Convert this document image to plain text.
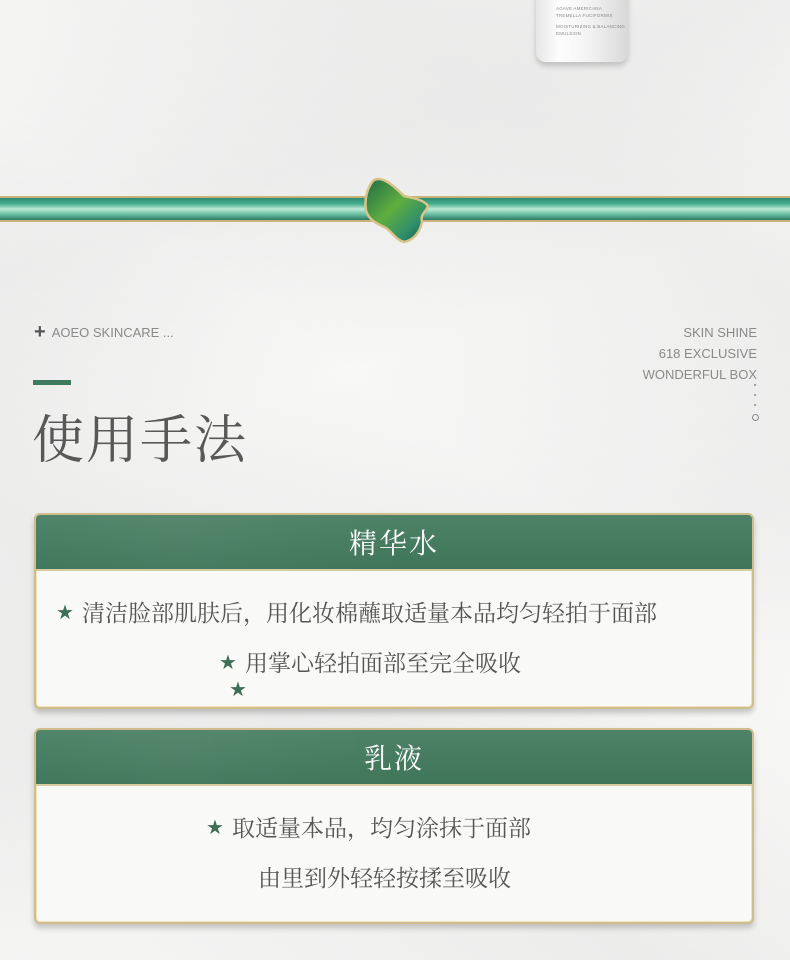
AGAVE AMERICANA
TREMELLA FUCIFORMIS
MOISTURIZING & BALANCING
EMULSION
+ AOEO SKINCARE ...
使用手法
SKIN SHINE
618 EXCLUSIVE
WONDERFUL BOX
精华水
★ 清洁脸部肌肤后，用化妆棉蘸取适量本品均匀轻拍于面部
★ 用掌心轻拍面部至完全吸收
★
乳液
★ 取适量本品，均匀涂抹于面部
由里到外轻轻按揉至吸收
